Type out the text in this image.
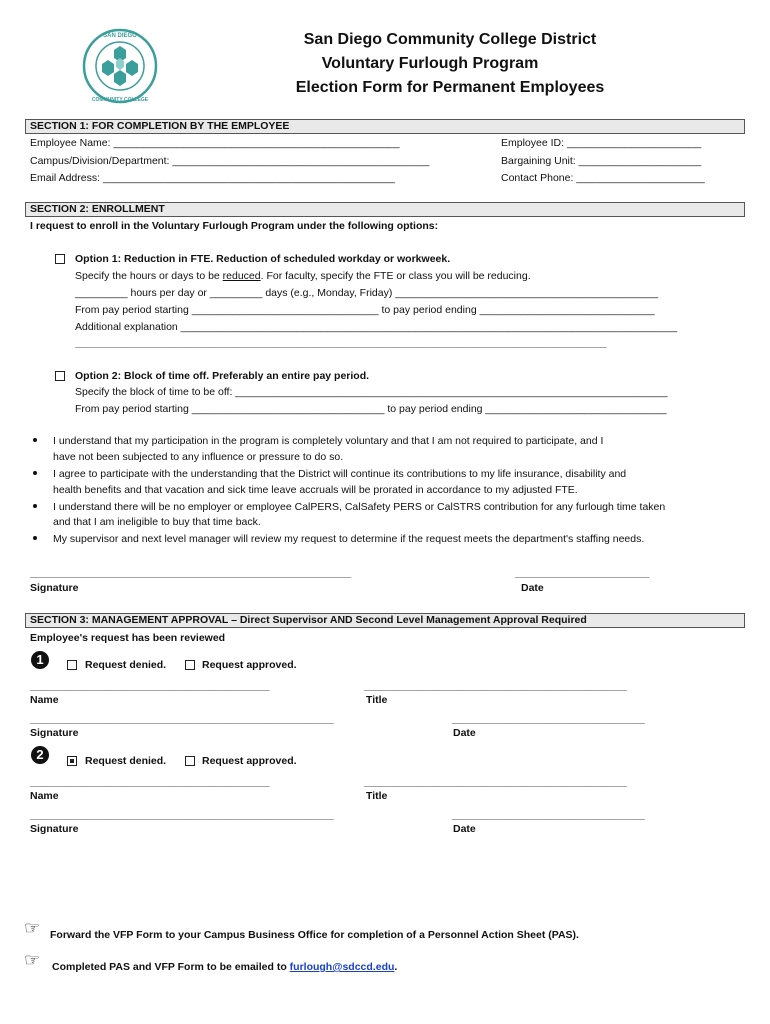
SAN DIEGO
COMMUNITY COLLEGE
San Diego Community College District
Voluntary Furlough Program
Election Form for Permanent Employees
SECTION 1: FOR COMPLETION BY THE EMPLOYEE
Employee Name: _________________________________________________
Campus/Division/Department: ____________________________________________
Email Address: __________________________________________________
Employee ID: _______________________
Bargaining Unit: _____________________
Contact Phone: ______________________
SECTION 2: ENROLLMENT
I request to enroll in the Voluntary Furlough Program under the following options:
Option 1: Reduction in FTE. Reduction of scheduled workday or workweek.
Specify the hours or days to be reduced. For faculty, specify the FTE or class you will be reducing.
_________ hours per day or _________ days (e.g., Monday, Friday) _____________________________________________
From pay period starting ________________________________ to pay period ending ______________________________
Additional explanation _____________________________________________________________________________________
___________________________________________________________________________________________
Option 2: Block of time off. Preferably an entire pay period.
Specify the block of time to be off: __________________________________________________________________________
From pay period starting _________________________________ to pay period ending _______________________________
I understand that my participation in the program is completely voluntary and that I am not required to participate, and I
have not been subjected to any influence or pressure to do so.
I agree to participate with the understanding that the District will continue its contributions to my life insurance, disability and
health benefits and that vacation and sick time leave accruals will be prorated in accordance to my adjusted FTE.
I understand there will be no employer or employee CalPERS, CalSafety PERS or CalSTRS contribution for any furlough time taken
and that I am ineligible to buy that time back.
My supervisor and next level manager will review my request to determine if the request meets the department's staffing needs.
_______________________________________________________	_______________________
Signature	Date
SECTION 3: MANAGEMENT APPROVAL – Direct Supervisor AND Second Level Management Approval Required
Employee's request has been reviewed
1	Request denied.	Request approved.
_________________________________________	_____________________________________________
Name	Title
____________________________________________________	_________________________________
Signature	Date
2	Request denied.	Request approved.
_________________________________________	_____________________________________________
Name	Title
____________________________________________________	_________________________________
Signature	Date
☞ Forward the VFP Form to your Campus Business Office for completion of a Personnel Action Sheet (PAS).
☞ Completed PAS and VFP Form to be emailed to furlough@sdccd.edu.
